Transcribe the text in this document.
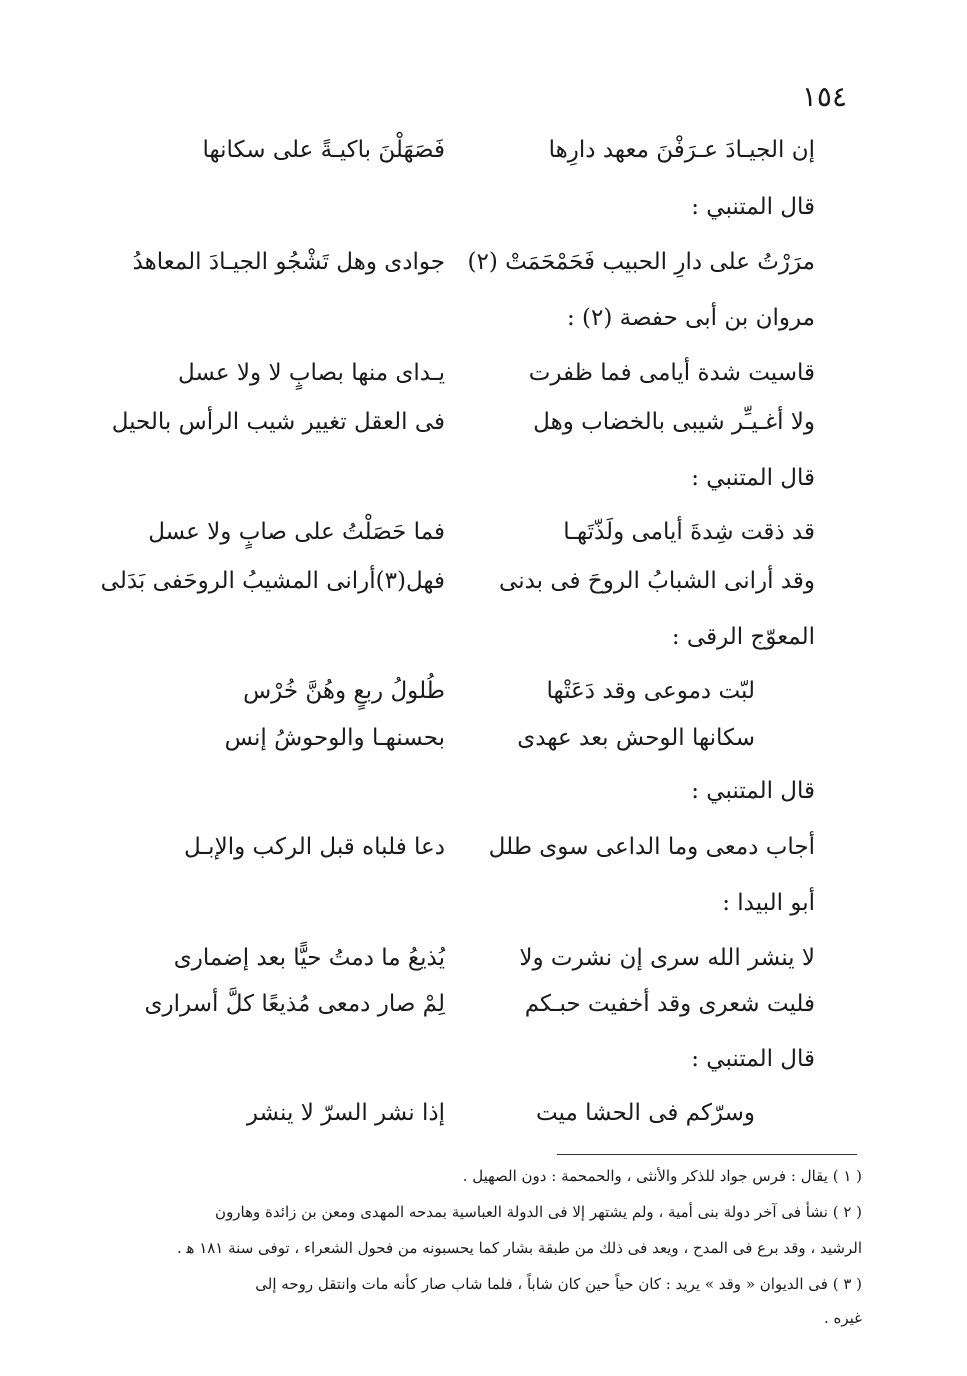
١٥٤
إن الجيـادَ عـرَفْنَ معهد دارِها
فَصَهَلْنَ باكيـةً على سكانها
قال المتنبي :
مرَرْتُ على دارِ الحبيب فَحَمْحَمَتْ (٢)
جوادى وهل تَشْجُو الجيـادَ المعاهدُ
مروان بن أبى حفصة (٢) :
قاسيت شدة أيامى فما ظفرت
يـداى منها بصابٍ لا ولا عسل
ولا أغـيـِّر شيبى بالخضاب وهل
فى العقل تغيير شيب الرأس بالحيل
قال المتنبي :
قد ذقت شِدةَ أيامى ولَذّتَهـا
فما حَصَلْتُ على صابٍ ولا عسل
وقد أرانى الشبابُ الروحَ فى بدنى
فهل(٣)أرانى المشيبُ الروحَفى بَدَلى
المعوّج الرقى :
لبّت دموعى وقد دَعَتْها
طُلولُ ربعٍ وهُنَّ خُرْس
سكانها الوحش بعد عهدى
بحسنهـا والوحوشُ إنس
قال المتنبي :
أجاب دمعى وما الداعى سوى طلل
دعا فلباه قبل الركب والإبـل
أبو البيدا :
لا ينشر الله سرى إن نشرت ولا
يُذيعُ ما دمتُ حيًّا بعد إضمارى
فليت شعرى وقد أخفيت حبـكم
لِمْ صار دمعى مُذيعًا كلَّ أسرارى
قال المتنبي :
وسرّكم فى الحشا ميت
إذا نشر السرّ لا ينشر
( ١ ) يقال : فرس جواد للذكر والأنثى ، والحمحمة : دون الصهيل .
( ٢ ) نشأ فى آخر دولة بنى أمية ، ولم يشتهر إلا فى الدولة العباسية بمدحه المهدى ومعن بن زائدة وهارون
الرشيد ، وقد برع فى المدح ، ويعد فى ذلك من طبقة بشار كما يحسبونه من فحول الشعراء ، توفى سنة ١٨١ ﻫ .
( ٣ ) فى الديوان « وقد » يريد : كان حياً حين كان شاباً ، فلما شاب صار كأنه مات وانتقل روحه إلى
غيره .
